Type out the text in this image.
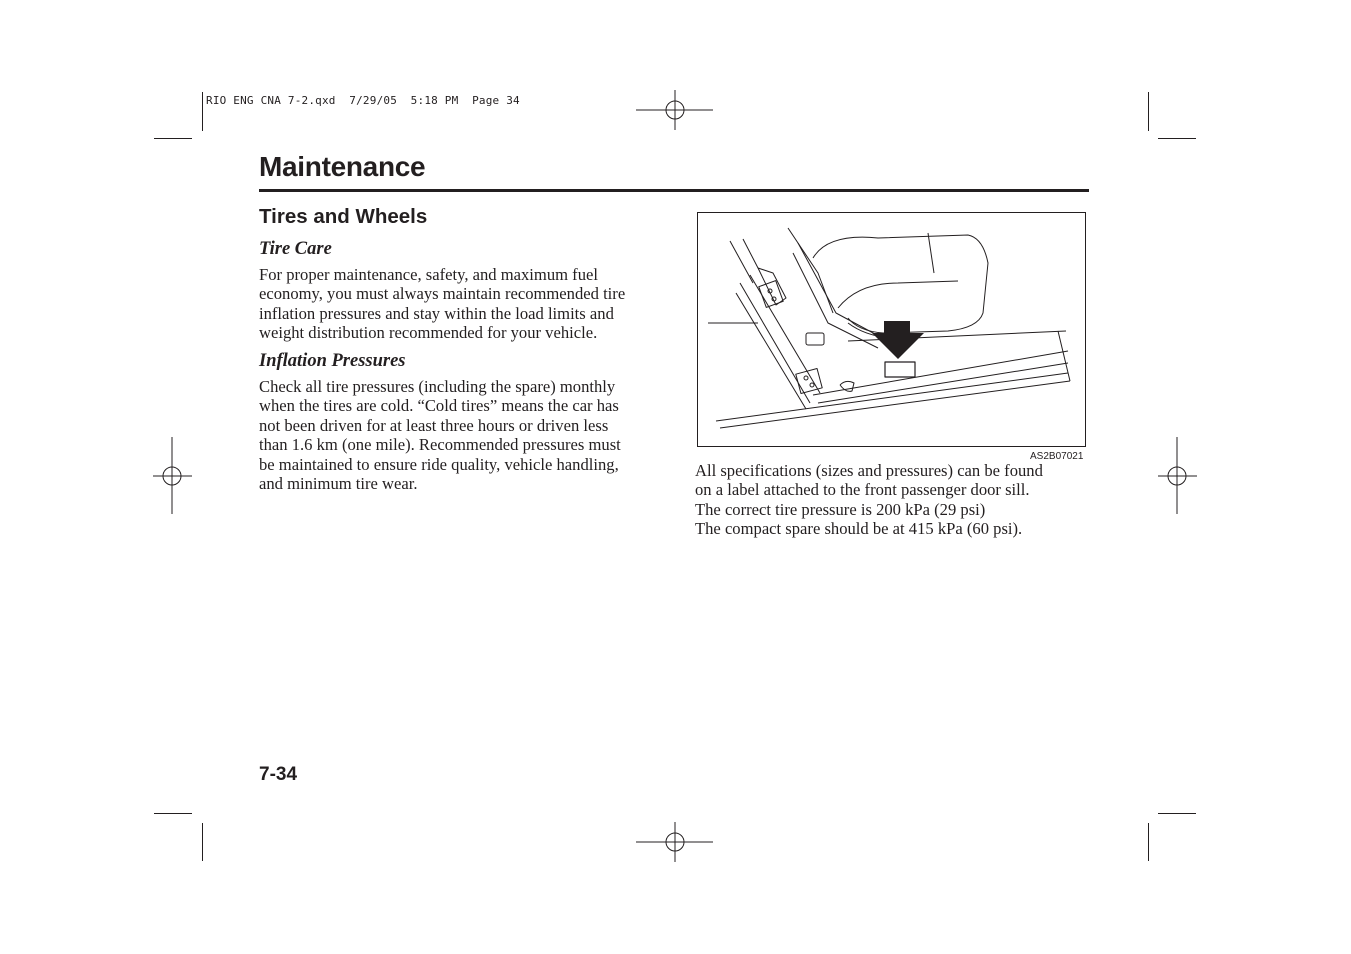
RIO ENG CNA 7-2.qxd  7/29/05  5:18 PM  Page 34
Maintenance
Tires and Wheels
Tire Care
For proper maintenance, safety, and maximum fuel
economy, you must always maintain recommended tire
inflation pressures and stay within the load limits and
weight distribution recommended for your vehicle.
Inflation Pressures
Check all tire pressures (including the spare) monthly
when the tires are cold. “Cold tires” means the car has
not been driven for at least three hours or driven less
than 1.6 km (one mile). Recommended pressures must
be maintained to ensure ride quality, vehicle handling,
and minimum tire wear.
AS2B07021
All specifications (sizes and pressures) can be found
on a label attached to the front passenger door sill.
The correct tire pressure is 200 kPa (29 psi)
The compact spare should be at 415 kPa (60 psi).
7-34
